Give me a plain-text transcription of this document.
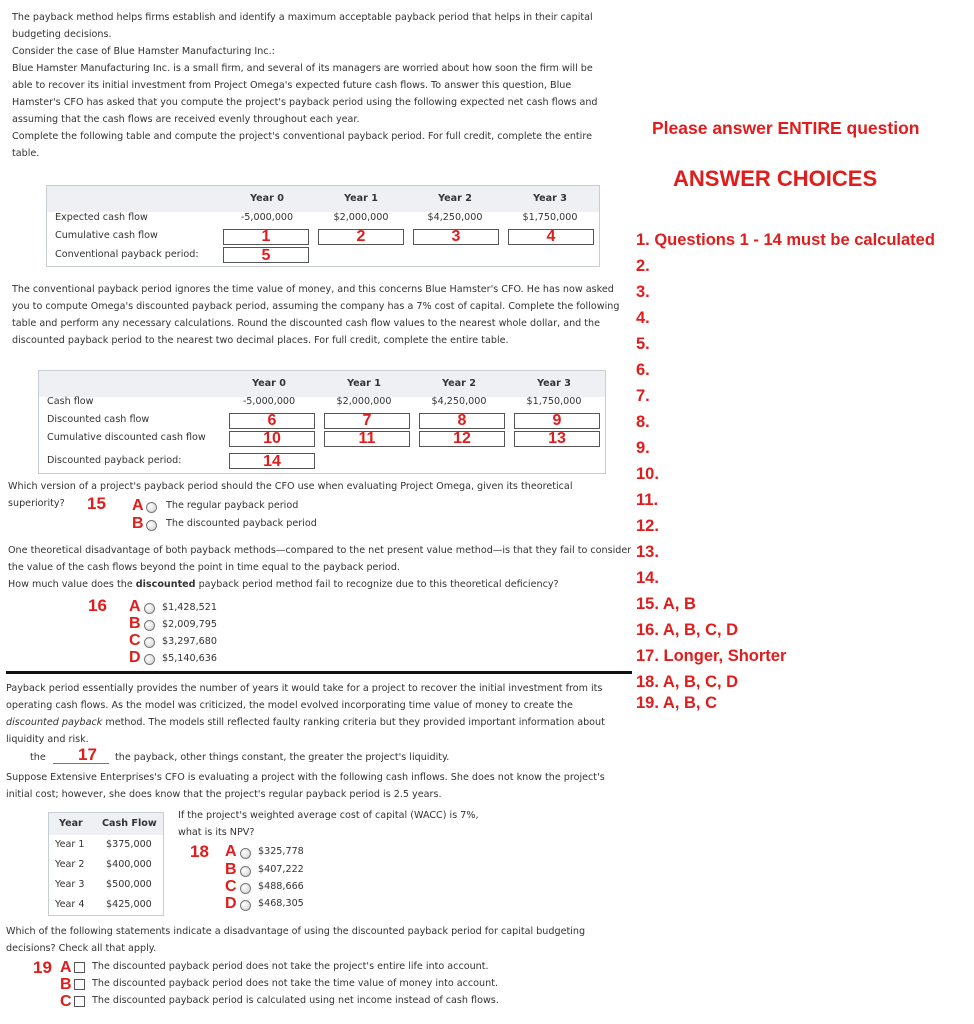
The payback method helps firms establish and identify a maximum acceptable payback period that helps in their capital budgeting decisions.
Consider the case of Blue Hamster Manufacturing Inc.:
Blue Hamster Manufacturing Inc. is a small firm, and several of its managers are worried about how soon the firm will be able to recover its initial investment from Project Omega's expected future cash flows. To answer this question, Blue Hamster's CFO has asked that you compute the project's payback period using the following expected net cash flows and assuming that the cash flows are received evenly throughout each year.
Complete the following table and compute the project's conventional payback period. For full credit, complete the entire table.
Year 0	Year 1	Year 2	Year 3
Expected cash flow	-5,000,000	$2,000,000	$4,250,000	$1,750,000
Cumulative cash flow	1	2	3	4
Conventional payback period:	5
The conventional payback period ignores the time value of money, and this concerns Blue Hamster's CFO. He has now asked you to compute Omega's discounted payback period, assuming the company has a 7% cost of capital. Complete the following table and perform any necessary calculations. Round the discounted cash flow values to the nearest whole dollar, and the discounted payback period to the nearest two decimal places. For full credit, complete the entire table.
Year 0	Year 1	Year 2	Year 3
Cash flow	-5,000,000	$2,000,000	$4,250,000	$1,750,000
Discounted cash flow	6	7	8	9
Cumulative discounted cash flow	10	11	12	13
Discounted payback period:	14
Which version of a project's payback period should the CFO use when evaluating Project Omega, given its theoretical superiority?	15 A The regular payback period
B The discounted payback period
One theoretical disadvantage of both payback methods—compared to the net present value method—is that they fail to consider the value of the cash flows beyond the point in time equal to the payback period.
How much value does the discounted payback period method fail to recognize due to this theoretical deficiency?
16 A $1,428,521
B $2,009,795
C $3,297,680
D $5,140,636
Payback period essentially provides the number of years it would take for a project to recover the initial investment from its operating cash flows. As the model was criticized, the model evolved incorporating time value of money to create the discounted payback method. The models still reflected faulty ranking criteria but they provided important information about liquidity and risk.
the 17 the payback, other things constant, the greater the project's liquidity.
Suppose Extensive Enterprises's CFO is evaluating a project with the following cash inflows. She does not know the project's initial cost; however, she does know that the project's regular payback period is 2.5 years.
Year Cash Flow
Year 1 $375,000
Year 2 $400,000
Year 3 $500,000
Year 4 $425,000
If the project's weighted average cost of capital (WACC) is 7%, what is its NPV?
18 A $325,778
B $407,222
C $488,666
D $468,305
Which of the following statements indicate a disadvantage of using the discounted payback period for capital budgeting decisions? Check all that apply.
19 A The discounted payback period does not take the project's entire life into account.
B The discounted payback period does not take the time value of money into account.
C The discounted payback period is calculated using net income instead of cash flows.
Please answer ENTIRE question
ANSWER CHOICES
1. Questions 1 - 14 must be calculated
2.
3.
4.
5.
6.
7.
8.
9.
10.
11.
12.
13.
14.
15. A, B
16. A, B, C, D
17. Longer, Shorter
18. A, B, C, D
19. A, B, C
